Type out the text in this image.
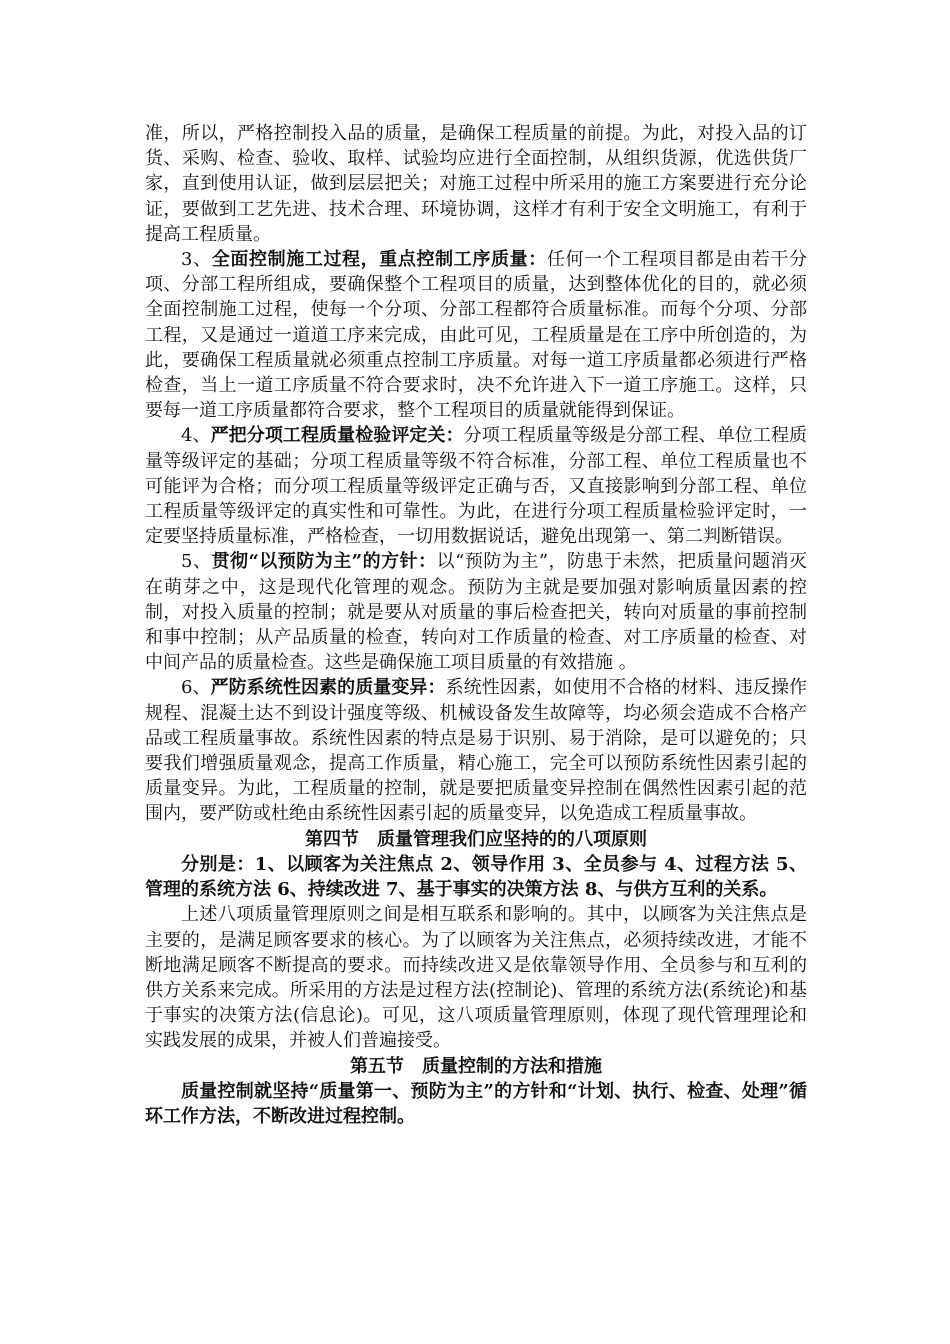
准，所以，严格控制投入品的质量，是确保工程质量的前提。为此，对投入品的订货、采购、检查、验收、取样、试验均应进行全面控制，从组织货源，优选供货厂家，直到使用认证，做到层层把关；对施工过程中所采用的施工方案要进行充分论证，要做到工艺先进、技术合理、环境协调，这样才有利于安全文明施工，有利于提高工程质量。

3、全面控制施工过程，重点控制工序质量：任何一个工程项目都是由若干分项、分部工程所组成，要确保整个工程项目的质量，达到整体优化的目的，就必须全面控制施工过程，使每一个分项、分部工程都符合质量标准。而每个分项、分部工程，又是通过一道道工序来完成，由此可见，工程质量是在工序中所创造的，为此，要确保工程质量就必须重点控制工序质量。对每一道工序质量都必须进行严格检查，当上一道工序质量不符合要求时，决不允许进入下一道工序施工。这样，只要每一道工序质量都符合要求，整个工程项目的质量就能得到保证。

4、严把分项工程质量检验评定关：分项工程质量等级是分部工程、单位工程质量等级评定的基础；分项工程质量等级不符合标准，分部工程、单位工程质量也不可能评为合格；而分项工程质量等级评定正确与否，又直接影响到分部工程、单位工程质量等级评定的真实性和可靠性。为此，在进行分项工程质量检验评定时，一定要坚持质量标准，严格检查，一切用数据说话，避免出现第一、第二判断错误。

5、贯彻“以预防为主”的方针：以“预防为主”，防患于未然，把质量问题消灭在萌芽之中，这是现代化管理的观念。预防为主就是要加强对影响质量因素的控制，对投入质量的控制；就是要从对质量的事后检查把关，转向对质量的事前控制和事中控制；从产品质量的检查，转向对工作质量的检查、对工序质量的检查、对中间产品的质量检查。这些是确保施工项目质量的有效措施 。

6、严防系统性因素的质量变异：系统性因素，如使用不合格的材料、违反操作规程、混凝土达不到设计强度等级、机械设备发生故障等，均必须会造成不合格产品或工程质量事故。系统性因素的特点是易于识别、易于消除，是可以避免的；只要我们增强质量观念，提高工作质量，精心施工，完全可以预防系统性因素引起的质量变异。为此，工程质量的控制，就是要把质量变异控制在偶然性因素引起的范围内，要严防或杜绝由系统性因素引起的质量变异，以免造成工程质量事故。

第四节　质量管理我们应坚持的的八项原则

分别是：1、以顾客为关注焦点 2、领导作用 3、全员参与 4、过程方法 5、管理的系统方法 6、持续改进 7、基于事实的决策方法 8、与供方互利的关系。

上述八项质量管理原则之间是相互联系和影响的。其中，以顾客为关注焦点是主要的，是满足顾客要求的核心。为了以顾客为关注焦点，必须持续改进，才能不断地满足顾客不断提高的要求。而持续改进又是依靠领导作用、全员参与和互利的供方关系来完成。所采用的方法是过程方法(控制论)、管理的系统方法(系统论)和基于事实的决策方法(信息论)。可见，这八项质量管理原则，体现了现代管理理论和实践发展的成果，并被人们普遍接受。

第五节　质量控制的方法和措施

质量控制就坚持“质量第一、预防为主”的方针和“计划、执行、检查、处理”循环工作方法，不断改进过程控制。
